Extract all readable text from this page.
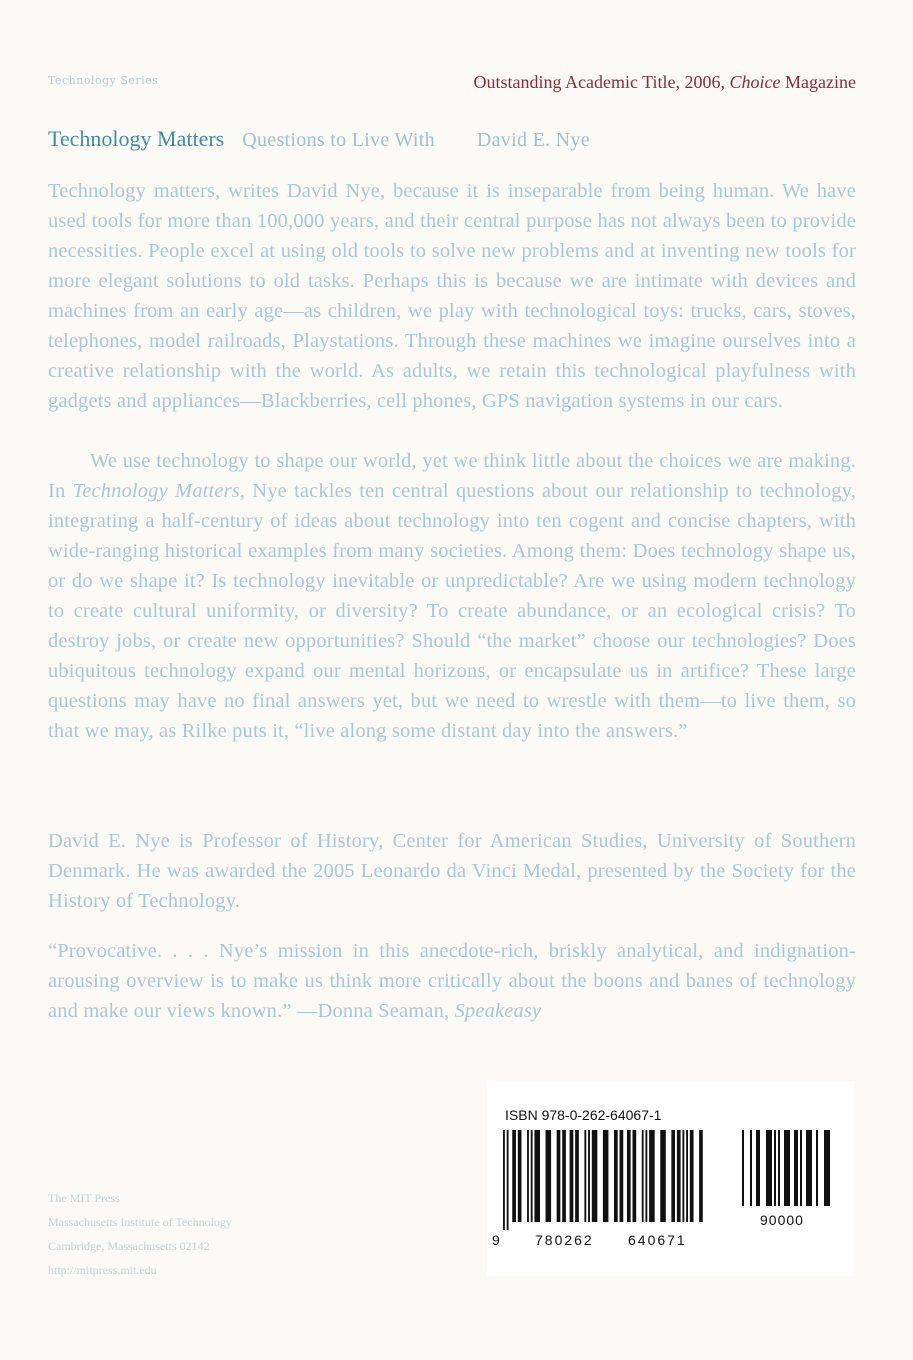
Technology Series	Outstanding Academic Title, 2006, Choice Magazine
Technology Matters Questions to Live With David E. Nye
Technology matters, writes David Nye, because it is inseparable from being human. We have used tools for more than 100,000 years, and their central purpose has not always been to provide necessities. People excel at using old tools to solve new problems and at inventing new tools for more elegant solutions to old tasks. Perhaps this is because we are intimate with devices and machines from an early age—as children, we play with technological toys: trucks, cars, stoves, telephones, model railroads, Playstations. Through these machines we imagine ourselves into a creative relationship with the world. As adults, we retain this technological playfulness with gadgets and appliances—Blackberries, cell phones, GPS navigation systems in our cars.
We use technology to shape our world, yet we think little about the choices we are making. In Technology Matters, Nye tackles ten central questions about our relationship to technology, integrating a half-century of ideas about technology into ten cogent and concise chapters, with wide-ranging historical examples from many societies. Among them: Does technology shape us, or do we shape it? Is technology inevitable or unpredictable? Are we using modern technology to create cultural uniformity, or diversity? To create abundance, or an ecological crisis? To destroy jobs, or create new opportunities? Should “the market” choose our technologies? Does ubiquitous technology expand our mental horizons, or encapsulate us in artifice? These large questions may have no final answers yet, but we need to wrestle with them—to live them, so that we may, as Rilke puts it, “live along some distant day into the answers.”
David E. Nye is Professor of History, Center for American Studies, University of Southern Denmark. He was awarded the 2005 Leonardo da Vinci Medal, presented by the Society for the History of Technology.
“Provocative. . . . Nye’s mission in this anecdote-rich, briskly analytical, and indignation-arousing overview is to make us think more critically about the boons and banes of technology and make our views known.” —Donna Seaman, Speakeasy
The MIT Press
Massachusetts Institute of Technology
Cambridge, Massachusetts 02142
http://mitpress.mit.edu
ISBN 978-0-262-64067-1
9	780262 640671
90000
